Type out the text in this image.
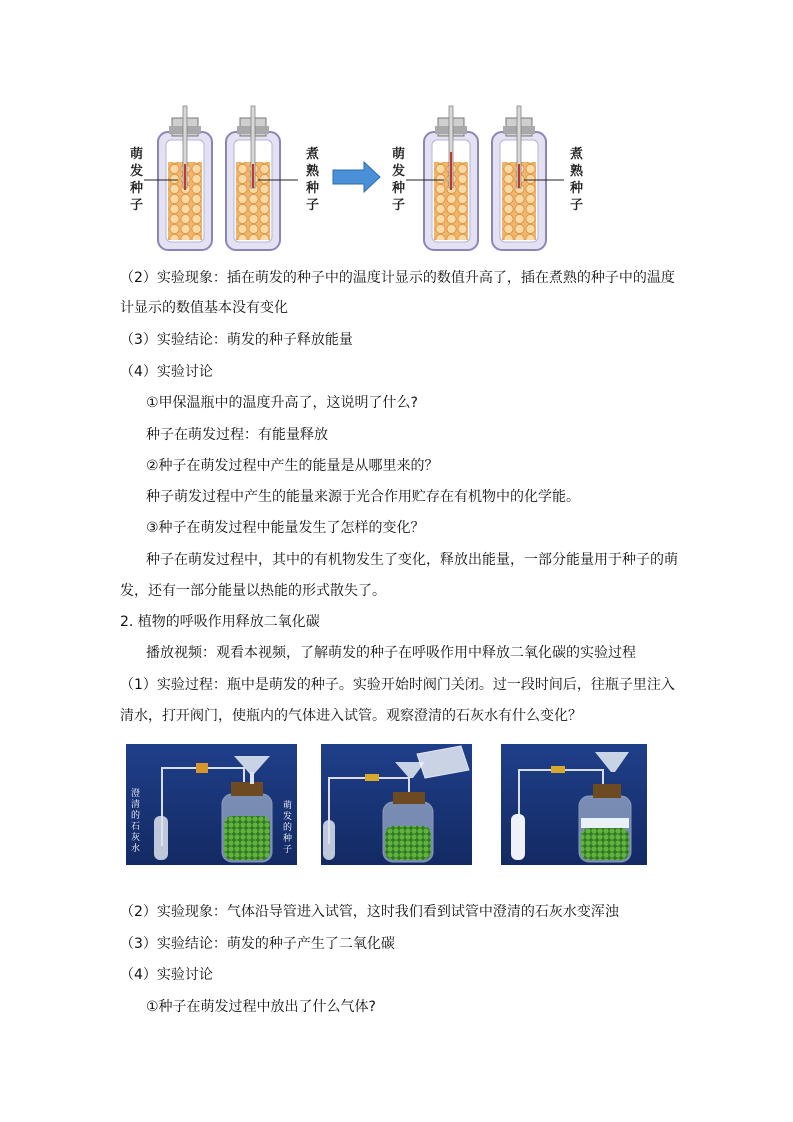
萌发种子
煮熟种子
萌发种子
煮熟种子
（2）实验现象：插在萌发的种子中的温度计显示的数值升高了，插在煮熟的种子中的温度
计显示的数值基本没有变化
（3）实验结论：萌发的种子释放能量
（4）实验讨论
①甲保温瓶中的温度升高了，这说明了什么?
种子在萌发过程：有能量释放
②种子在萌发过程中产生的能量是从哪里来的？
种子萌发过程中产生的能量来源于光合作用贮存在有机物中的化学能。
③种子在萌发过程中能量发生了怎样的变化？
种子在萌发过程中，其中的有机物发生了变化，释放出能量，一部分能量用于种子的萌
发，还有一部分能量以热能的形式散失了。
2. 植物的呼吸作用释放二氧化碳
播放视频：观看本视频，了解萌发的种子在呼吸作用中释放二氧化碳的实验过程
（1）实验过程：瓶中是萌发的种子。实验开始时阀门关闭。过一段时间后，往瓶子里注入
清水，打开阀门，使瓶内的气体进入试管。观察澄清的石灰水有什么变化？
澄清的石灰水
萌发的种子
（2）实验现象：气体沿导管进入试管，这时我们看到试管中澄清的石灰水变浑浊
（3）实验结论：萌发的种子产生了二氧化碳
（4）实验讨论
①种子在萌发过程中放出了什么气体?
